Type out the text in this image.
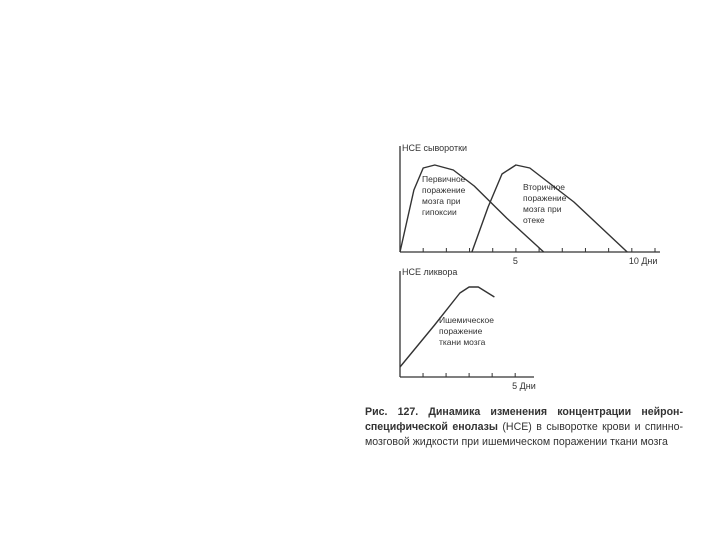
НСЕ сыворотки
5	10 Дни
Первичное поражение мозга при гипоксии
Вторичное поражение мозга при отеке
НСЕ ликвора
5 Дни
Ишемическое поражение ткани мозга
Рис. 127. Динамика изменения концентрации нейрон-специфической енолазы (НСЕ) в сыворотке крови и спинно-мозговой жидкости при ишемическом поражении ткани мозга
